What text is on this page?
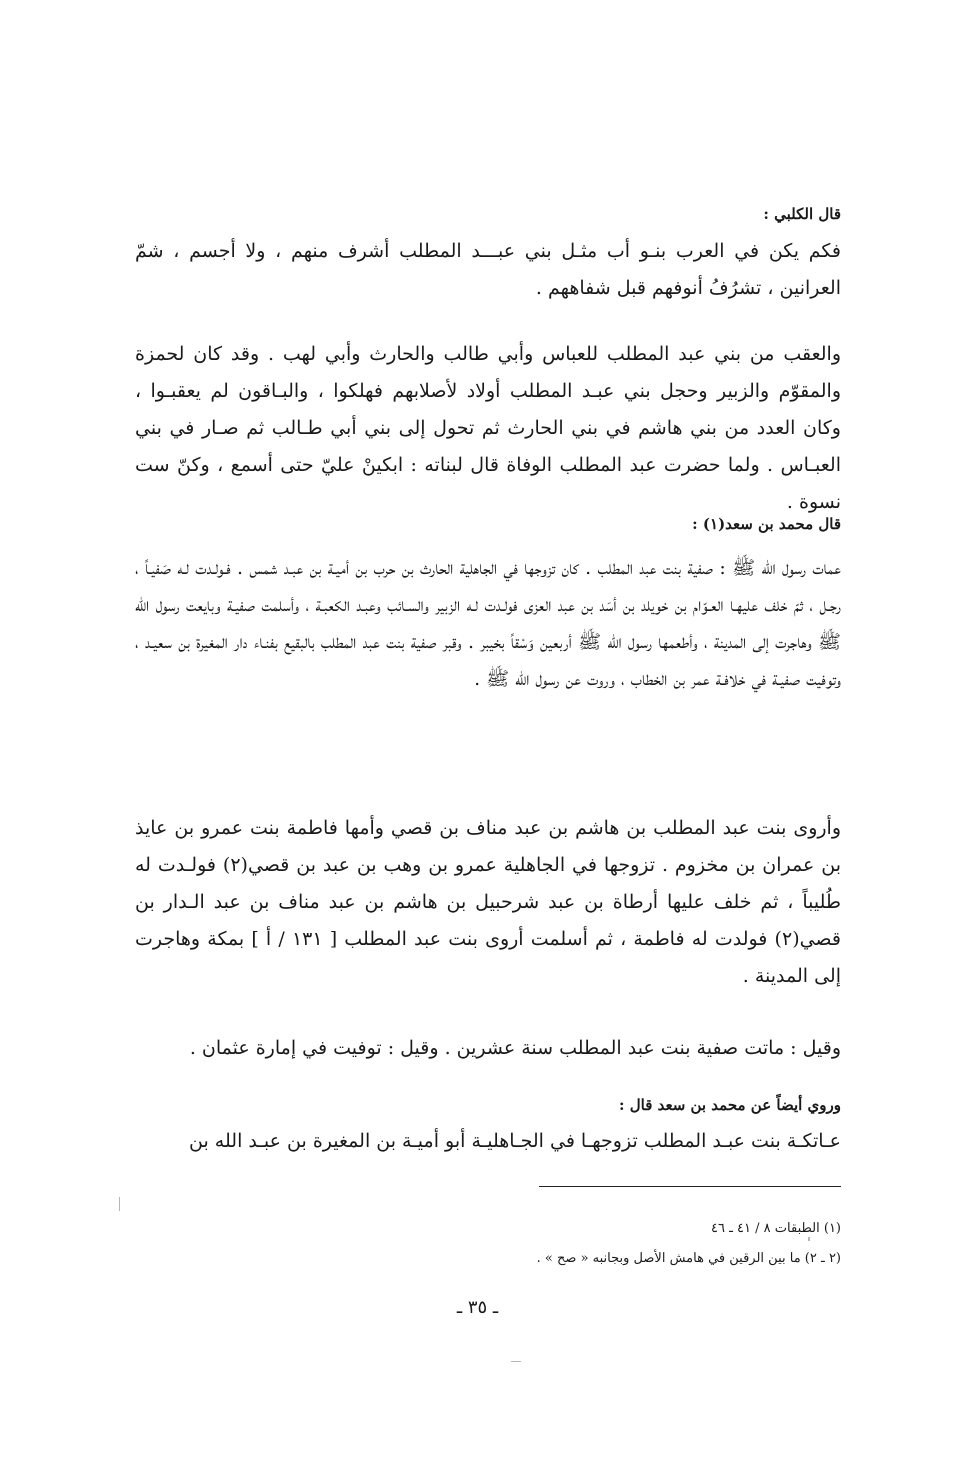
قال الكلبي :

فكم يكن في العرب بنـو أب مثـل بني عبـــد المطلب أشرف منهم ، ولا أجسم ، شمّ العرانين ، تشرُفُ أنوفهم قبل شفاههم .

والعقب من بني عبد المطلب للعباس وأبي طالب والحارث وأبي لهب . وقد كان لحمزة والمقوّم والزبير وحجل بني عبـد المطلب أولاد لأصلابهم فهلكوا ، والبـاقون لم يعقبـوا ، وكان العدد من بني هاشم في بني الحارث ثم تحول إلى بني أبي طـالب ثم صـار في بني العبـاس . ولما حضرت عبد المطلب الوفاة قال لبناته : ابكينْ عليّ حتى أسمع ، وكنّ ست نسوة .

قال محمد بن سعد(١) :

عمات رسول الله ﷺ : صفية بنت عبد المطلب . كان تزوجها في الجاهلية الحارث بن حرب بن أميـة بن عبـد شمس . فـولـدت لـه صَفيـاً ، رجـل ، ثمّ خلف عليهـا العـوّام بن خويلد بن أسَد بن عبد العزى فولـدت لـه الزبير والسـائب وعبـد الكعبـة ، وأسلمت صفيـة وبايعت رسول الله ﷺ وهاجرت إلى المدينة ، وأطعمها رسول الله ﷺ أربعين وَسْقاً بخيبر . وقبر صفية بنت عبد المطلب بالبقيع بفنـاء دار المغيرة بن سعيـد ، وتوفيت صفيـة في خلافـة عمر بن الخطاب ، وروت عن رسول الله ﷺ .

وأروى بنت عبد المطلب بن هاشم بن عبد مناف بن قصي وأمها فاطمة بنت عمرو بن عايذ بن عمران بن مخزوم . تزوجها في الجاهلية عمرو بن وهب بن عبد بن قصي(٢) فولـدت له طُليباً ، ثم خلف عليها أرطاة بن عبد شرحبيل بن هاشم بن عبد مناف بن عبد الـدار بن قصي(٢) فولدت له فاطمة ، ثم أسلمت أروى بنت عبد المطلب [ ١٣١ / أ ] بمكة وهاجرت إلى المدينة .

وقيل : ماتت صفية بنت عبد المطلب سنة عشرين . وقيل : توفيت في إمارة عثمان .

وروي أيضاً عن محمد بن سعد قال :

عـاتكـة بنت عبـد المطلب تزوجهـا في الجـاهليـة أبو أميـة بن المغيرة بن عبـد الله بن

(١) الطبقات ٨ / ٤١ ـ ٤٦

(٢ ـ ٢) ما بين الرقين في هامش الأصل وبجانبه « صح » .

ـ ٣٥ ـ
